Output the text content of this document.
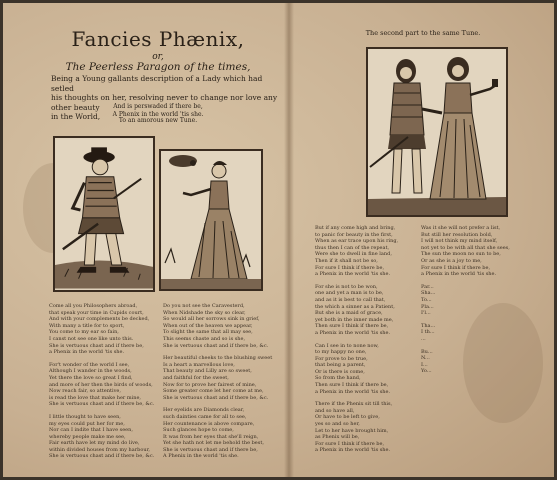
Fancies Phænix,
or,
The Peerless Paragon of the times,
Being a Young gallants description of a Lady which had setled
his thoughts on her, resolving never to change nor love any other beauty
in the World,
And is perswaded if there be,
A Phenix in the world 'tis she.
To an amorous new Tune.
The second part to the same Tune.
Come all you Philosophers abroad,
that speak your time in Cupids court,
And with your complements be decked,
With many a title for to sport,
You come to my ear so fain,
I canst not see one like unto this.
She is vertuous chast and if there be,
a Phenix in the world 'tis she.
For't wonder of the world I see,
Although I wander in the woods,
Yet there the love so great I find,
and more of her then the birds of woods,
Now reach fair, so attentive,
is read the love that make her mine,
She is vertuous chast and if there be, &c.
I little thought to have seen,
my eyes could put her for me,
Nor can I indite that I have seen,
whereby people make me see,
Fair earth have let my mind do live,
within divided houses from my harbour,
She is vertuous chast and if there be, &c.
Do you not see the Caravesterd,
When Nidshade the sky so clear,
So would all her sorrows sink in grief,
When out of the heaven we appear,
To slight the same that all may see,
This seems chaste and so is she,
She is vertuous chast and if there be, &c.
Her beautiful cheeks to the blushing sweet
Is a heart a marvellous love,
That beauty and Lilly are so sweet,
and faithful for the sweet,
Now for to prove her fairest of mine,
Some greater come let her come at me,
She is vertuous chast and if there be, &c.
Her eyelids are Diamonds clear,
such dainties came for all to see,
Her countenance is above compare,
Such glances hope to come,
It was from her eyes that she'll reign,
Yet she hath not let me behold the best,
She is vertuous chast and if there be,
A Phenix in the world 'tis she.
But if any come high and bring,
to panic for beauty in the first,
When as ear trace upon his ring,
thus then I can of the repeat,
Were she to dwell in fine land,
Then if it shall not be so,
For sure I think if there be,
a Phenix in the world 'tis she.
For she is not to be won,
one and yet a man is to be,
and as it is best to call that,
the which a sinner as a Patient,
But she is a maid of grace,
yet both in the inner made me,
Then sure I think if there be,
a Phenix in the world 'tis she.
Can I see in to none now,
to my happy no one,
For prove to be true,
that being a parent,
Or is there is come,
So from the hand,
Then sure I think if there be,
a Phenix in the world 'tis she.
There if the Phenix sit till this,
and so have all,
Or have to be left to give,
yes so and so her,
Let to her have brought him,
as Phenix will be,
For sure I think if there be,
a Phenix in the world 'tis she.
Was it she will not prefer a list,
But still her resolution bold,
I will not think my mind itself,
not yet to be with all that she sees,
The sun the moon no sun to be,
Or as she is a joy to me,
For sure I think if there be,
a Phenix in the world 'tis she.
Par...
Sha...
To...
Pla...
I'l...
Tha...
I th...
...
Bu...
N...
I...
Yo...
